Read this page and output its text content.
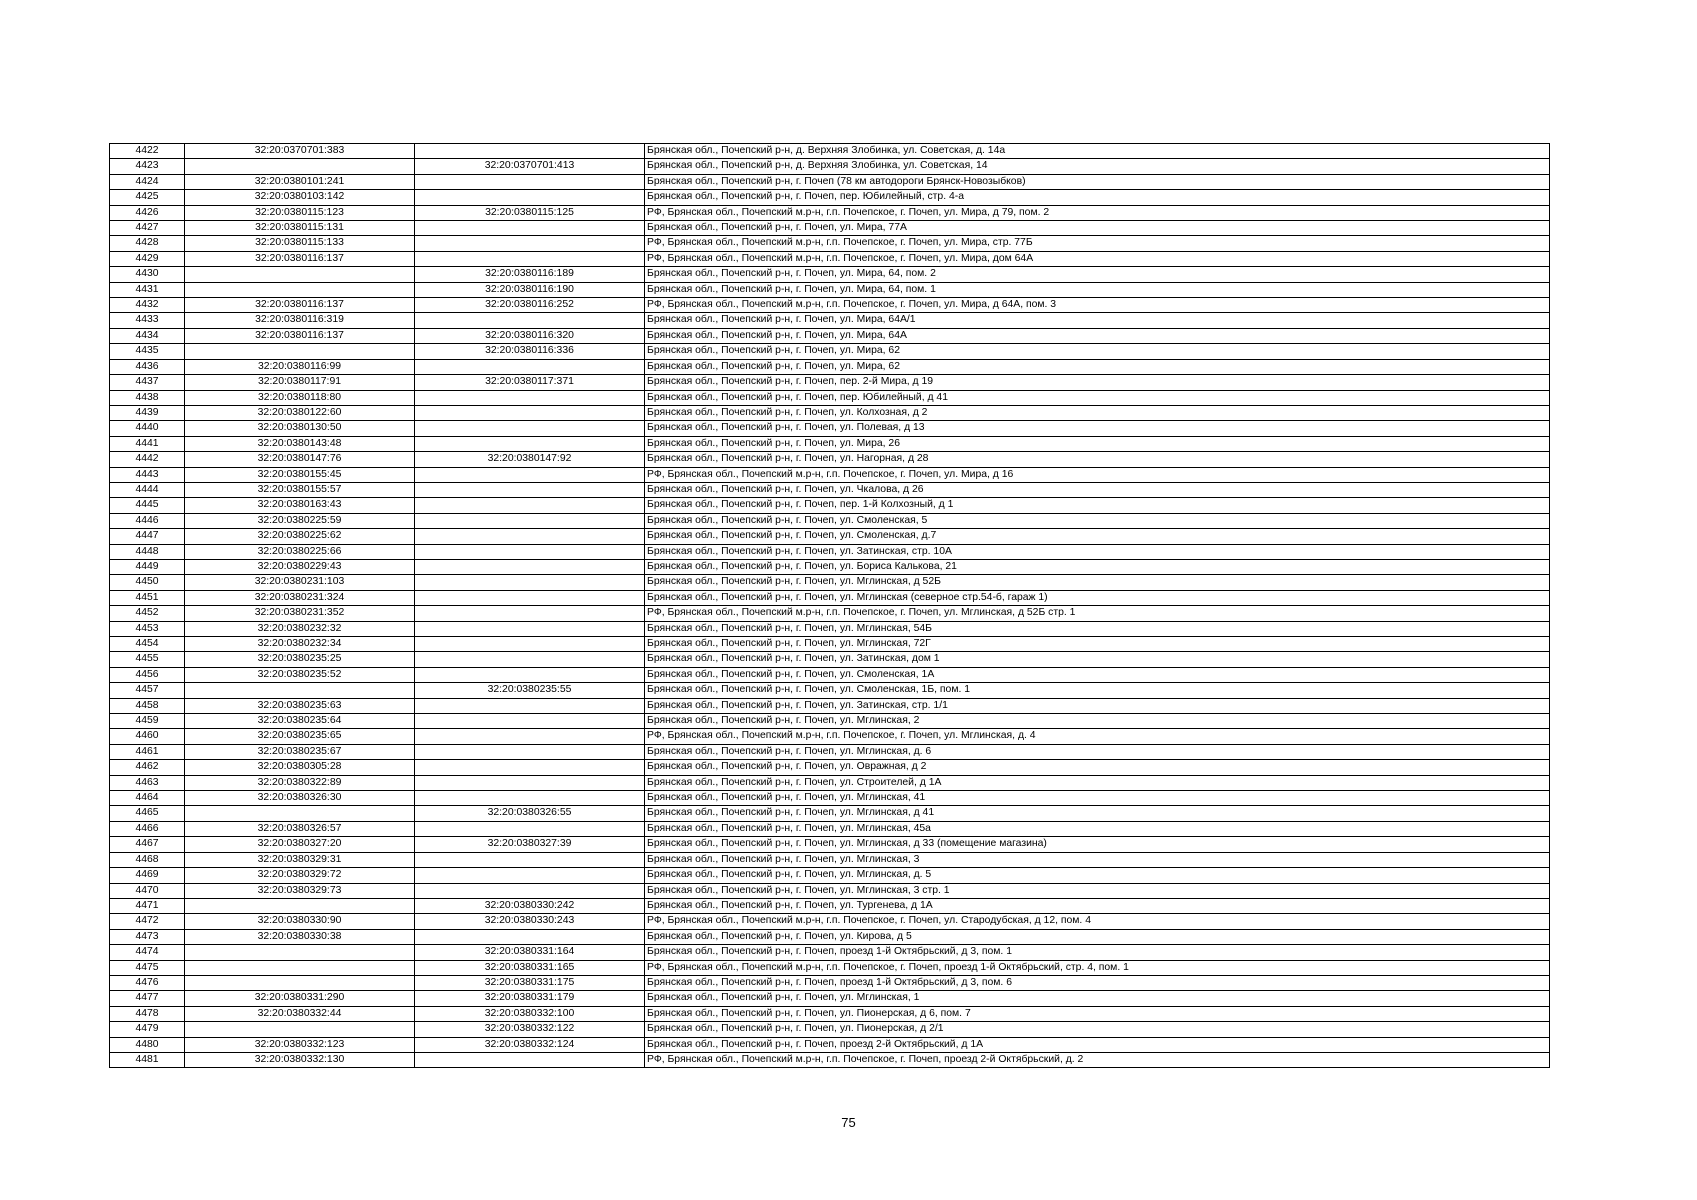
4422	32:20:0370701:383		Брянская обл., Почепский р-н, д. Верхняя Злобинка, ул. Советская, д. 14а
4423		32:20:0370701:413	Брянская обл., Почепский р-н, д. Верхняя Злобинка, ул. Советская, 14
4424	32:20:0380101:241		Брянская обл., Почепский р-н, г. Почеп (78 км автодороги Брянск-Новозыбков)
4425	32:20:0380103:142		Брянская обл., Почепский р-н, г. Почеп, пер. Юбилейный, стр. 4-а
4426	32:20:0380115:123	32:20:0380115:125	РФ, Брянская обл., Почепский м.р-н, г.п. Почепское, г. Почеп, ул. Мира, д 79, пом. 2
4427	32:20:0380115:131		Брянская обл., Почепский р-н, г. Почеп, ул. Мира, 77А
4428	32:20:0380115:133		РФ, Брянская обл., Почепский м.р-н, г.п. Почепское, г. Почеп, ул. Мира, стр. 77Б
4429	32:20:0380116:137		РФ, Брянская обл., Почепский м.р-н, г.п. Почепское, г. Почеп, ул. Мира, дом 64А
4430		32:20:0380116:189	Брянская обл., Почепский р-н, г. Почеп, ул. Мира, 64, пом. 2
4431		32:20:0380116:190	Брянская обл., Почепский р-н, г. Почеп, ул. Мира, 64, пом. 1
4432	32:20:0380116:137	32:20:0380116:252	РФ, Брянская обл., Почепский м.р-н, г.п. Почепское, г. Почеп, ул. Мира, д 64А, пом. 3
4433	32:20:0380116:319		Брянская обл., Почепский р-н, г. Почеп, ул. Мира, 64А/1
4434	32:20:0380116:137	32:20:0380116:320	Брянская обл., Почепский р-н, г. Почеп, ул. Мира, 64А
4435		32:20:0380116:336	Брянская обл., Почепский р-н, г. Почеп, ул. Мира, 62
4436	32:20:0380116:99		Брянская обл., Почепский р-н, г. Почеп, ул. Мира, 62
4437	32:20:0380117:91	32:20:0380117:371	Брянская обл., Почепский р-н, г. Почеп, пер. 2-й Мира, д 19
4438	32:20:0380118:80		Брянская обл., Почепский р-н, г. Почеп, пер. Юбилейный, д 41
4439	32:20:0380122:60		Брянская обл., Почепский р-н, г. Почеп, ул. Колхозная, д 2
4440	32:20:0380130:50		Брянская обл., Почепский р-н, г. Почеп, ул. Полевая, д 13
4441	32:20:0380143:48		Брянская обл., Почепский р-н, г. Почеп, ул. Мира, 26
4442	32:20:0380147:76	32:20:0380147:92	Брянская обл., Почепский р-н, г. Почеп, ул. Нагорная, д 28
4443	32:20:0380155:45		РФ, Брянская обл., Почепский м.р-н, г.п. Почепское, г. Почеп, ул. Мира, д 16
4444	32:20:0380155:57		Брянская обл., Почепский р-н, г. Почеп, ул. Чкалова, д 26
4445	32:20:0380163:43		Брянская обл., Почепский р-н, г. Почеп, пер. 1-й Колхозный, д 1
4446	32:20:0380225:59		Брянская обл., Почепский р-н, г. Почеп, ул. Смоленская, 5
4447	32:20:0380225:62		Брянская обл., Почепский р-н, г. Почеп, ул. Смоленская, д.7
4448	32:20:0380225:66		Брянская обл., Почепский р-н, г. Почеп, ул. Затинская, стр. 10А
4449	32:20:0380229:43		Брянская обл., Почепский р-н, г. Почеп, ул. Бориса Калькова, 21
4450	32:20:0380231:103		Брянская обл., Почепский р-н, г. Почеп, ул. Мглинская, д 52Б
4451	32:20:0380231:324		Брянская обл., Почепский р-н, г. Почеп, ул. Мглинская (северное стр.54-б, гараж 1)
4452	32:20:0380231:352		РФ, Брянская обл., Почепский м.р-н, г.п. Почепское, г. Почеп, ул. Мглинская, д 52Б стр. 1
4453	32:20:0380232:32		Брянская обл., Почепский р-н, г. Почеп, ул. Мглинская, 54Б
4454	32:20:0380232:34		Брянская обл., Почепский р-н, г. Почеп, ул. Мглинская, 72Г
4455	32:20:0380235:25		Брянская обл., Почепский р-н, г. Почеп, ул. Затинская, дом 1
4456	32:20:0380235:52		Брянская обл., Почепский р-н, г. Почеп, ул. Смоленская, 1А
4457		32:20:0380235:55	Брянская обл., Почепский р-н, г. Почеп, ул. Смоленская, 1Б, пом. 1
4458	32:20:0380235:63		Брянская обл., Почепский р-н, г. Почеп, ул. Затинская, стр. 1/1
4459	32:20:0380235:64		Брянская обл., Почепский р-н, г. Почеп, ул. Мглинская, 2
4460	32:20:0380235:65		РФ, Брянская обл., Почепский м.р-н, г.п. Почепское, г. Почеп, ул. Мглинская, д. 4
4461	32:20:0380235:67		Брянская обл., Почепский р-н, г. Почеп, ул. Мглинская, д. 6
4462	32:20:0380305:28		Брянская обл., Почепский р-н, г. Почеп, ул. Овражная, д 2
4463	32:20:0380322:89		Брянская обл., Почепский р-н, г. Почеп, ул. Строителей, д 1А
4464	32:20:0380326:30		Брянская обл., Почепский р-н, г. Почеп, ул. Мглинская, 41
4465		32:20:0380326:55	Брянская обл., Почепский р-н, г. Почеп, ул. Мглинская, д 41
4466	32:20:0380326:57		Брянская обл., Почепский р-н, г. Почеп, ул. Мглинская, 45а
4467	32:20:0380327:20	32:20:0380327:39	Брянская обл., Почепский р-н, г. Почеп, ул. Мглинская, д 33 (помещение магазина)
4468	32:20:0380329:31		Брянская обл., Почепский р-н, г. Почеп, ул. Мглинская, 3
4469	32:20:0380329:72		Брянская обл., Почепский р-н, г. Почеп, ул. Мглинская, д. 5
4470	32:20:0380329:73		Брянская обл., Почепский р-н, г. Почеп, ул. Мглинская, 3 стр. 1
4471		32:20:0380330:242	Брянская обл., Почепский р-н, г. Почеп, ул. Тургенева, д 1А
4472	32:20:0380330:90	32:20:0380330:243	РФ, Брянская обл., Почепский м.р-н, г.п. Почепское, г. Почеп, ул. Стародубская, д 12, пом. 4
4473	32:20:0380330:38		Брянская обл., Почепский р-н, г. Почеп, ул. Кирова, д 5
4474		32:20:0380331:164	Брянская обл., Почепский р-н, г. Почеп, проезд 1-й Октябрьский, д 3, пом. 1
4475		32:20:0380331:165	РФ, Брянская обл., Почепский м.р-н, г.п. Почепское, г. Почеп, проезд 1-й Октябрьский, стр. 4, пом. 1
4476		32:20:0380331:175	Брянская обл., Почепский р-н, г. Почеп, проезд 1-й Октябрьский, д 3, пом. 6
4477	32:20:0380331:290	32:20:0380331:179	Брянская обл., Почепский р-н, г. Почеп, ул. Мглинская, 1
4478	32:20:0380332:44	32:20:0380332:100	Брянская обл., Почепский р-н, г. Почеп, ул. Пионерская, д 6, пом. 7
4479		32:20:0380332:122	Брянская обл., Почепский р-н, г. Почеп, ул. Пионерская, д 2/1
4480	32:20:0380332:123	32:20:0380332:124	Брянская обл., Почепский р-н, г. Почеп, проезд 2-й Октябрьский, д 1А
4481	32:20:0380332:130		РФ, Брянская обл., Почепский м.р-н, г.п. Почепское, г. Почеп, проезд 2-й Октябрьский, д. 2
75
